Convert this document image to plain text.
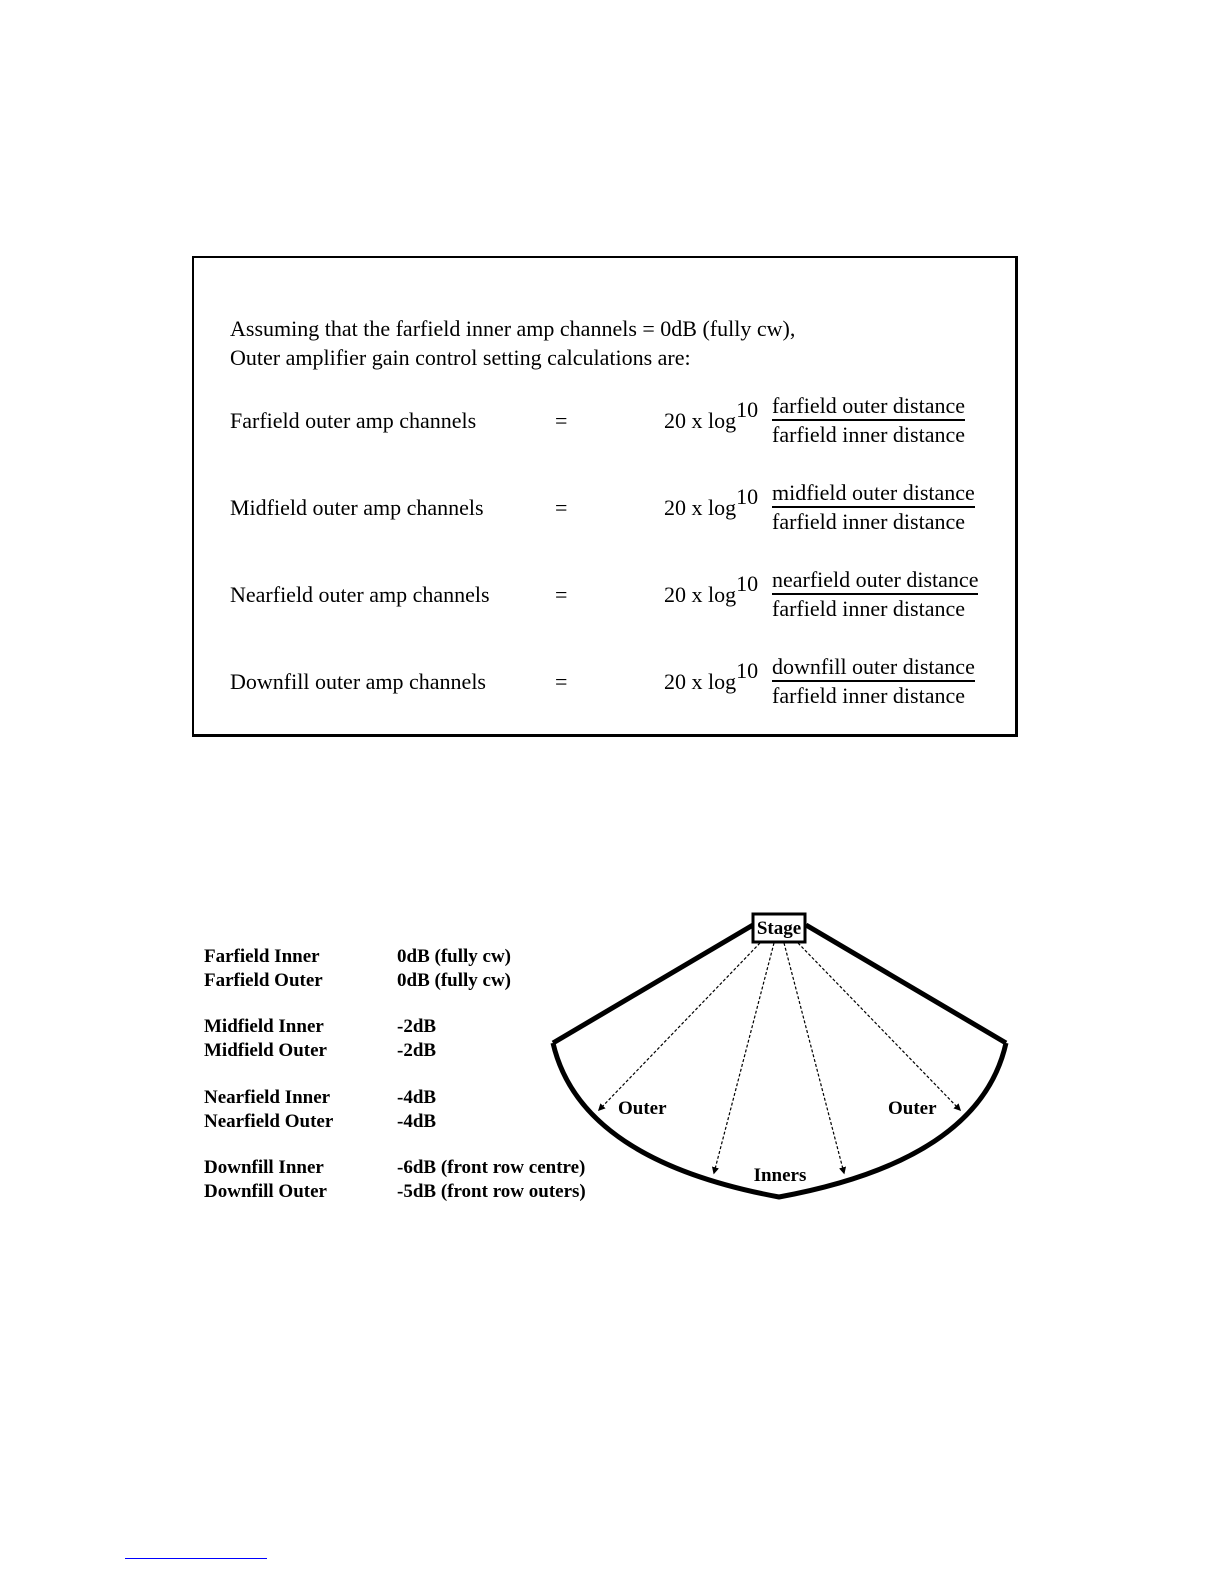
Assuming that the farfield inner amp channels = 0dB (fully cw),
Outer amplifier gain control setting calculations are:
Farfield outer amp channels	=	20 x $\log^{10}$ farfield outer distance
farfield inner distance
Midfield outer amp channels	=	20 x $\log^{10}$ midfield outer distance
farfield inner distance
Nearfield outer amp channels	=	20 x $\log^{10}$ nearfield outer distance
farfield inner distance
Downfill outer amp channels	=	20 x $\log^{10}$ downfill outer distance
farfield inner distance
Farfield Inner	0dB (fully cw)
Farfield Outer	0dB (fully cw)
Midfield Inner	-2dB
Midfield Outer	-2dB
Nearfield Inner	-4dB
Nearfield Outer	-4dB
Downfill Inner	-6dB (front row centre)
Downfill Outer	-5dB (front row outers)
Stage
Outer	Outer
Inners
